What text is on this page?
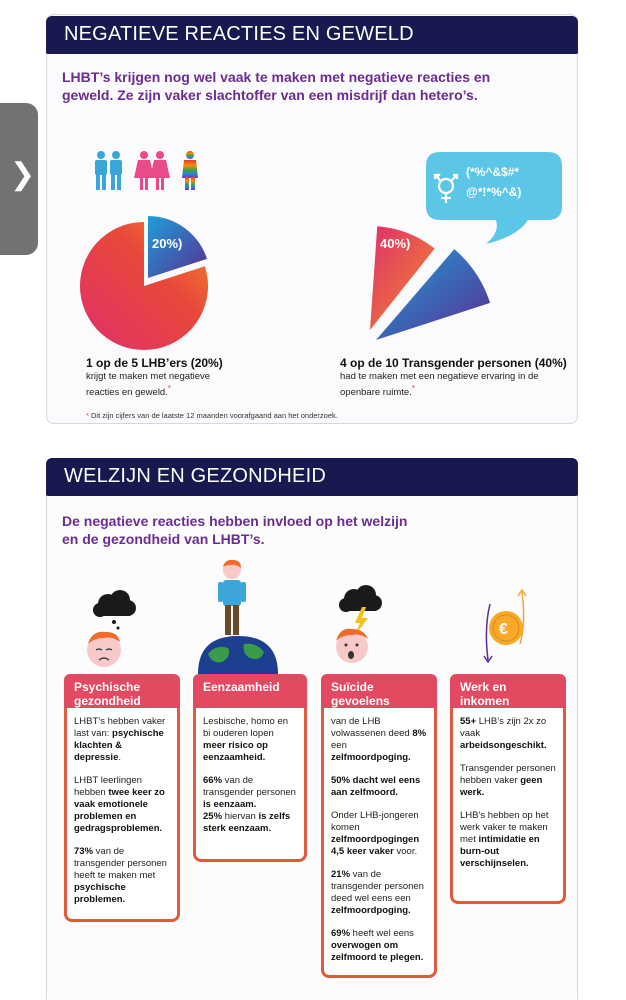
NEGATIEVE REACTIES EN GEWELD
LHBT’s krijgen nog wel vaak te maken met negatieve reacties en
geweld. Ze zijn vaker slachtoffer van een misdrijf dan hetero’s.
20%)	40%)
(*%^&$#*
@*!*%^&)
1 op de 5 LHB’ers (20%)
krijgt te maken met negatieve
reacties en geweld.*
4 op de 10 Transgender personen (40%)
had te maken met een negatieve ervaring in de
openbare ruimte.*
* Dit zijn cijfers van de laatste 12 maanden voorafgaand aan het onderzoek.
WELZIJN EN GEZONDHEID
De negatieve reacties hebben invloed op het welzijn
en de gezondheid van LHBT’s.
€
Psychische
gezondheid

LHBT’s hebben vaker last van: psychische klachten & depressie.

LHBT leerlingen hebben twee keer zo vaak emotionele problemen en gedragsproblemen.

73% van de transgender personen heeft te maken met psychische problemen.

Eenzaamheid

Lesbische, homo en bi ouderen lopen meer risico op eenzaamheid.

66% van de transgender personen is eenzaam.
25% hiervan is zelfs sterk eenzaam.

Suïcide
gevoelens

van de LHB volwassenen deed 8% een zelfmoordpoging.

50% dacht wel eens aan zelfmoord.

Onder LHB-jongeren komen zelfmoordpogingen 4,5 keer vaker voor.

21% van de transgender personen deed wel eens een zelfmoordpoging.

69% heeft wel eens overwogen om zelfmoord te plegen.

Werk en
inkomen

55+ LHB’s zijn 2x zo vaak arbeidsongeschikt.

Transgender personen hebben vaker geen werk.

LHB’s hebben op het werk vaker te maken met intimidatie en burn-out verschijnselen.

❯
